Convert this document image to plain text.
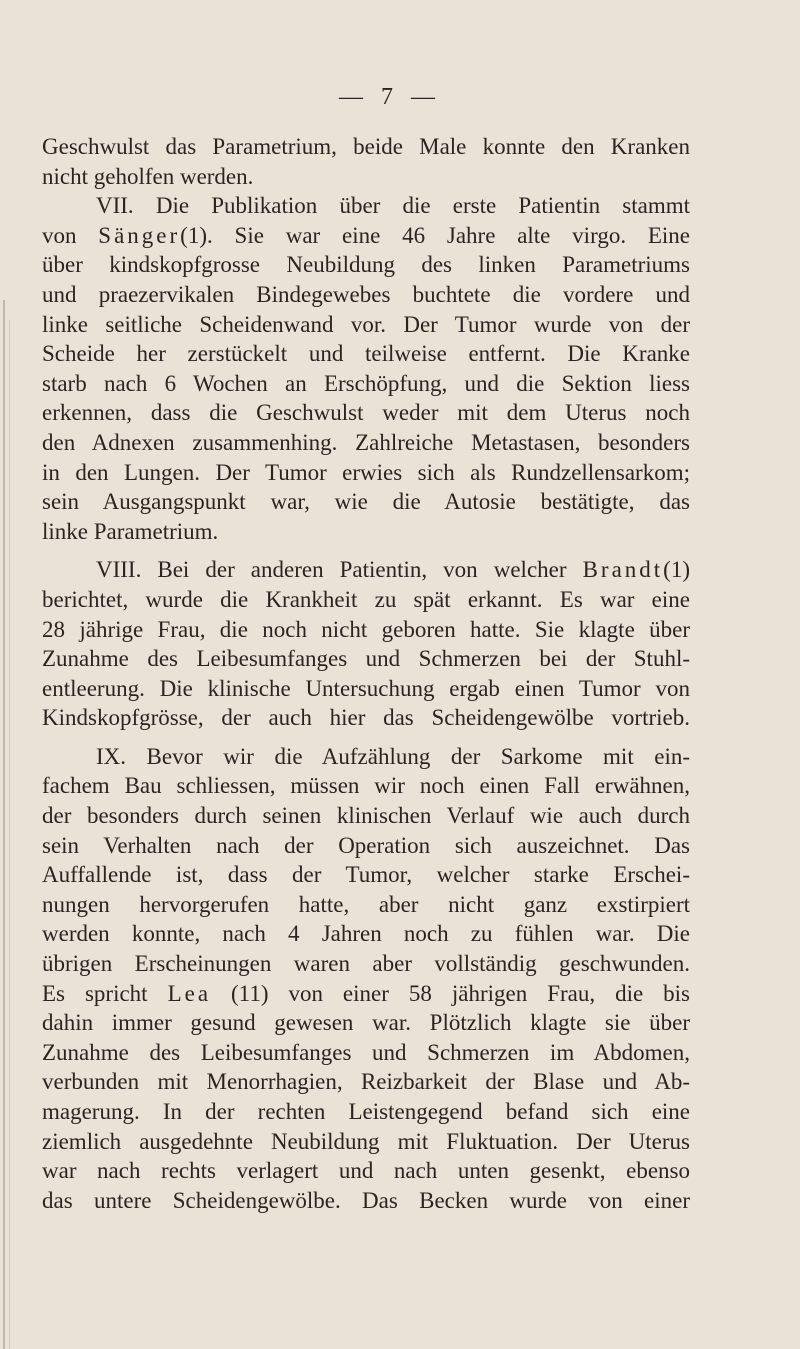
— 7 —
Geschwulst das Parametrium, beide Male konnte den Kranken
nicht geholfen werden.
VII. Die Publikation über die erste Patientin stammt
von Sänger(1). Sie war eine 46 Jahre alte virgo. Eine
über kindskopfgrosse Neubildung des linken Parametriums
und praezervikalen Bindegewebes buchtete die vordere und
linke seitliche Scheidenwand vor. Der Tumor wurde von der
Scheide her zerstückelt und teilweise entfernt. Die Kranke
starb nach 6 Wochen an Erschöpfung, und die Sektion liess
erkennen, dass die Geschwulst weder mit dem Uterus noch
den Adnexen zusammenhing. Zahlreiche Metastasen, besonders
in den Lungen. Der Tumor erwies sich als Rundzellensarkom;
sein Ausgangspunkt war, wie die Autosie bestätigte, das
linke Parametrium.
VIII. Bei der anderen Patientin, von welcher Brandt(1)
berichtet, wurde die Krankheit zu spät erkannt. Es war eine
28 jährige Frau, die noch nicht geboren hatte. Sie klagte über
Zunahme des Leibesumfanges und Schmerzen bei der Stuhl-
entleerung. Die klinische Untersuchung ergab einen Tumor von
Kindskopfgrösse, der auch hier das Scheidengewölbe vortrieb.
IX. Bevor wir die Aufzählung der Sarkome mit ein-
fachem Bau schliessen, müssen wir noch einen Fall erwähnen,
der besonders durch seinen klinischen Verlauf wie auch durch
sein Verhalten nach der Operation sich auszeichnet. Das
Auffallende ist, dass der Tumor, welcher starke Erschei-
nungen hervorgerufen hatte, aber nicht ganz exstirpiert
werden konnte, nach 4 Jahren noch zu fühlen war. Die
übrigen Erscheinungen waren aber vollständig geschwunden.
Es spricht Lea (11) von einer 58 jährigen Frau, die bis
dahin immer gesund gewesen war. Plötzlich klagte sie über
Zunahme des Leibesumfanges und Schmerzen im Abdomen,
verbunden mit Menorrhagien, Reizbarkeit der Blase und Ab-
magerung. In der rechten Leistengegend befand sich eine
ziemlich ausgedehnte Neubildung mit Fluktuation. Der Uterus
war nach rechts verlagert und nach unten gesenkt, ebenso
das untere Scheidengewölbe. Das Becken wurde von einer
